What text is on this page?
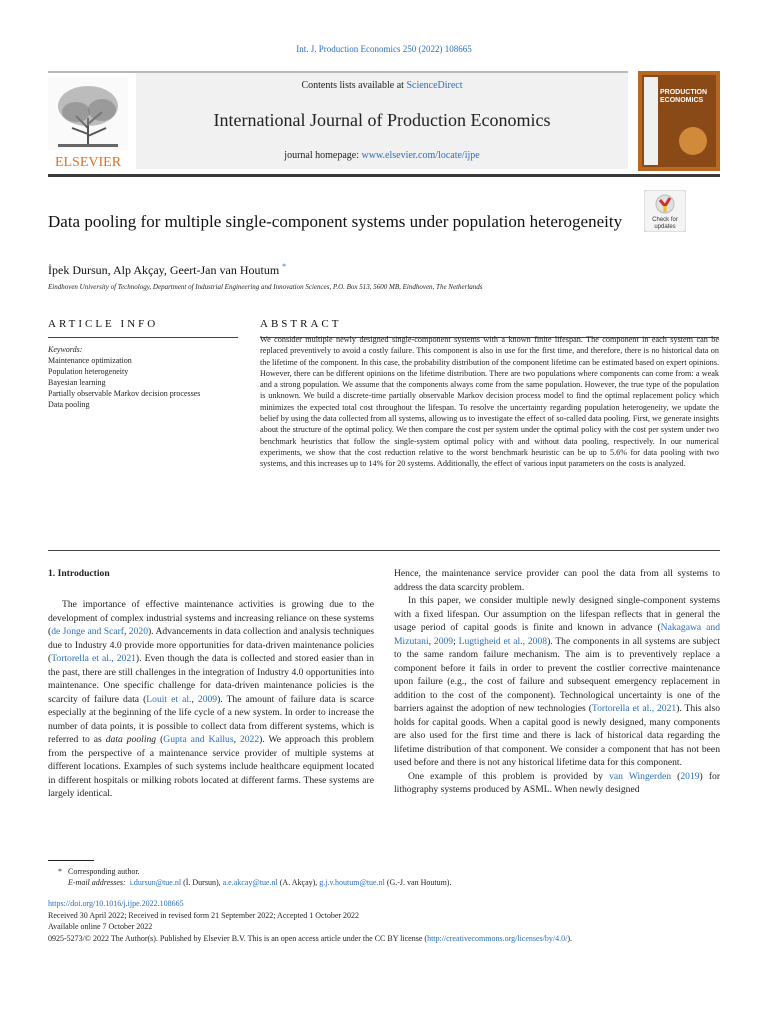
Int. J. Production Economics 250 (2022) 108665
ELSEVIER
Contents lists available at ScienceDirect
International Journal of Production Economics
journal homepage: www.elsevier.com/locate/ijpe
PRODUCTION
ECONOMICS
Check for
updates
Data pooling for multiple single-component systems under population heterogeneity
İpek Dursun, Alp Akçay, Geert-Jan van Houtum *
Eindhoven University of Technology, Department of Industrial Engineering and Innovation Sciences, P.O. Box 513, 5600 MB, Eindhoven, The Netherlands
ARTICLE INFO
Keywords:
Maintenance optimization
Population heterogeneity
Bayesian learning
Partially observable Markov decision processes
Data pooling
ABSTRACT
We consider multiple newly designed single-component systems with a known finite lifespan. The component in each system can be replaced preventively to avoid a costly failure. This component is also in use for the first time, and therefore, there is no historical data on the lifetime of the component. In this case, the probability distribution of the component lifetime can be estimated based on expert opinions. However, there can be different opinions on the lifetime distribution. There are two populations where components can come from: a weak and a strong population. We assume that the components always come from the same population. However, the true type of the population is unknown. We build a discrete-time partially observable Markov decision process model to find the optimal replacement policy which minimizes the expected total cost throughout the lifespan. To resolve the uncertainty regarding population heterogeneity, we update the belief by using the data collected from all systems, allowing us to investigate the effect of so-called data pooling. First, we generate insights about the structure of the optimal policy. We then compare the cost per system under the optimal policy with the cost per system under two benchmark heuristics that follow the single-system optimal policy with and without data pooling, respectively. In our numerical experiments, we show that the cost reduction relative to the worst benchmark heuristic can be up to 5.6% for data pooling with two systems, and this increases up to 14% for 20 systems. Additionally, the effect of various input parameters on the costs is analyzed.
1. Introduction

The importance of effective maintenance activities is growing due to the development of complex industrial systems and increasing reliance on these systems (de Jonge and Scarf, 2020). Advancements in data collection and analysis techniques due to Industry 4.0 provide more opportunities for data-driven maintenance policies (Tortorella et al., 2021). Even though the data is collected and stored easier than in the past, there are still challenges in the integration of Industry 4.0 opportunities into maintenance. One specific challenge for data-driven maintenance policies is the scarcity of failure data (Louit et al., 2009). The amount of failure data is scarce especially at the beginning of the life cycle of a new system. In order to increase the number of data points, it is possible to collect data from different systems, which is referred to as data pooling (Gupta and Kallus, 2022). We approach this problem from the perspective of a maintenance service provider of multiple systems at different locations. Examples of such systems include healthcare equipment located in different hospitals or milking robots located at different farms. These systems are largely identical.

Hence, the maintenance service provider can pool the data from all systems to address the data scarcity problem.

In this paper, we consider multiple newly designed single-component systems with a fixed lifespan. Our assumption on the lifespan reflects that in general the usage period of capital goods is finite and known in advance (Nakagawa and Mizutani, 2009; Lugtigheid et al., 2008). The components in all systems are subject to the same random failure mechanism. The aim is to preventively replace a component before it fails in order to prevent the costlier corrective maintenance upon failure (e.g., the cost of failure and subsequent emergency replacement in addition to the cost of the component). Technological uncertainty is one of the barriers against the adoption of new technologies (Tortorella et al., 2021). This also holds for capital goods. When a capital good is newly designed, many components are also used for the first time and there is lack of historical data regarding the lifetime distribution of that component. We consider a component that has not been used before and there is not any historical lifetime data for this component.

One example of this problem is provided by van Wingerden (2019) for lithography systems produced by ASML. When newly designed

* Corresponding author.
E-mail addresses: i.dursun@tue.nl (İ. Dursun), a.e.akcay@tue.nl (A. Akçay), g.j.v.houtum@tue.nl (G.-J. van Houtum).
https://doi.org/10.1016/j.ijpe.2022.108665
Received 30 April 2022; Received in revised form 21 September 2022; Accepted 1 October 2022
Available online 7 October 2022
0925-5273/© 2022 The Author(s). Published by Elsevier B.V. This is an open access article under the CC BY license (http://creativecommons.org/licenses/by/4.0/).
